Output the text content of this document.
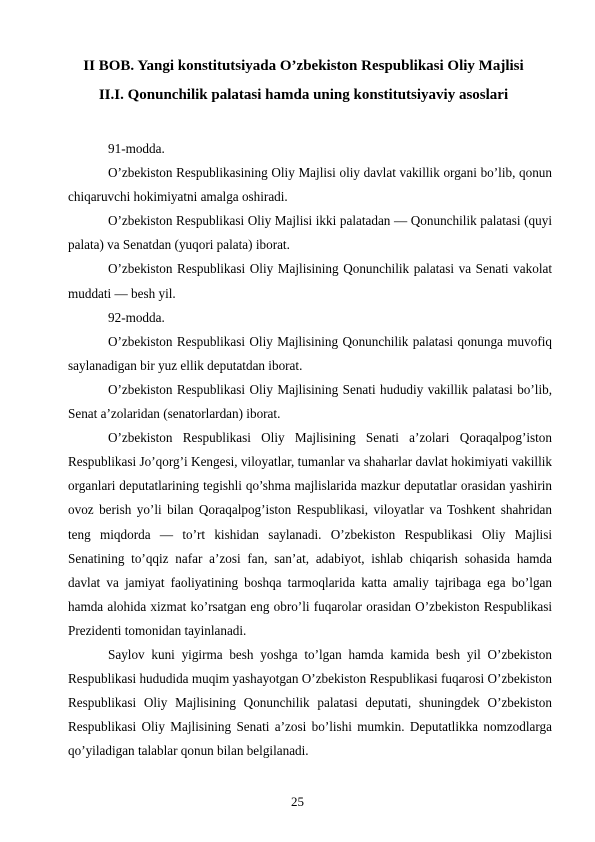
II BOB. Yangi konstitutsiyada O’zbekiston Respublikasi Oliy Majlisi
II.I. Qonunchilik palatasi hamda uning konstitutsiyaviy asoslari

91-modda.

O’zbekiston Respublikasining Oliy Majlisi oliy davlat vakillik organi bo’lib, qonun chiqaruvchi hokimiyatni amalga oshiradi.

O’zbekiston Respublikasi Oliy Majlisi ikki palatadan — Qonunchilik palatasi (quyi palata) va Senatdan (yuqori palata) iborat.

O’zbekiston Respublikasi Oliy Majlisining Qonunchilik palatasi va Senati vakolat muddati — besh yil.

92-modda.

O’zbekiston Respublikasi Oliy Majlisining Qonunchilik palatasi qonunga muvofiq saylanadigan bir yuz ellik deputatdan iborat.

O’zbekiston Respublikasi Oliy Majlisining Senati hududiy vakillik palatasi bo’lib, Senat a’zolaridan (senatorlardan) iborat.

O’zbekiston Respublikasi Oliy Majlisining Senati a’zolari Qoraqalpog’iston Respublikasi Jo’qorg’i Kengesi, viloyatlar, tumanlar va shaharlar davlat hokimiyati vakillik organlari deputatlarining tegishli qo’shma majlislarida mazkur deputatlar orasidan yashirin ovoz berish yo’li bilan Qoraqalpog’iston Respublikasi, viloyatlar va Toshkent shahridan teng miqdorda — to’rt kishidan saylanadi. O’zbekiston Respublikasi Oliy Majlisi Senatining to’qqiz nafar a’zosi fan, san’at, adabiyot, ishlab chiqarish sohasida hamda davlat va jamiyat faoliyatining boshqa tarmoqlarida katta amaliy tajribaga ega bo’lgan hamda alohida xizmat ko’rsatgan eng obro’li fuqarolar orasidan O’zbekiston Respublikasi Prezidenti tomonidan tayinlanadi.

Saylov kuni yigirma besh yoshga to’lgan hamda kamida besh yil O’zbekiston Respublikasi hududida muqim yashayotgan O’zbekiston Respublikasi fuqarosi O’zbekiston Respublikasi Oliy Majlisining Qonunchilik palatasi deputati, shuningdek O’zbekiston Respublikasi Oliy Majlisining Senati a’zosi bo’lishi mumkin. Deputatlikka nomzodlarga qo’yiladigan talablar qonun bilan belgilanadi.

25
